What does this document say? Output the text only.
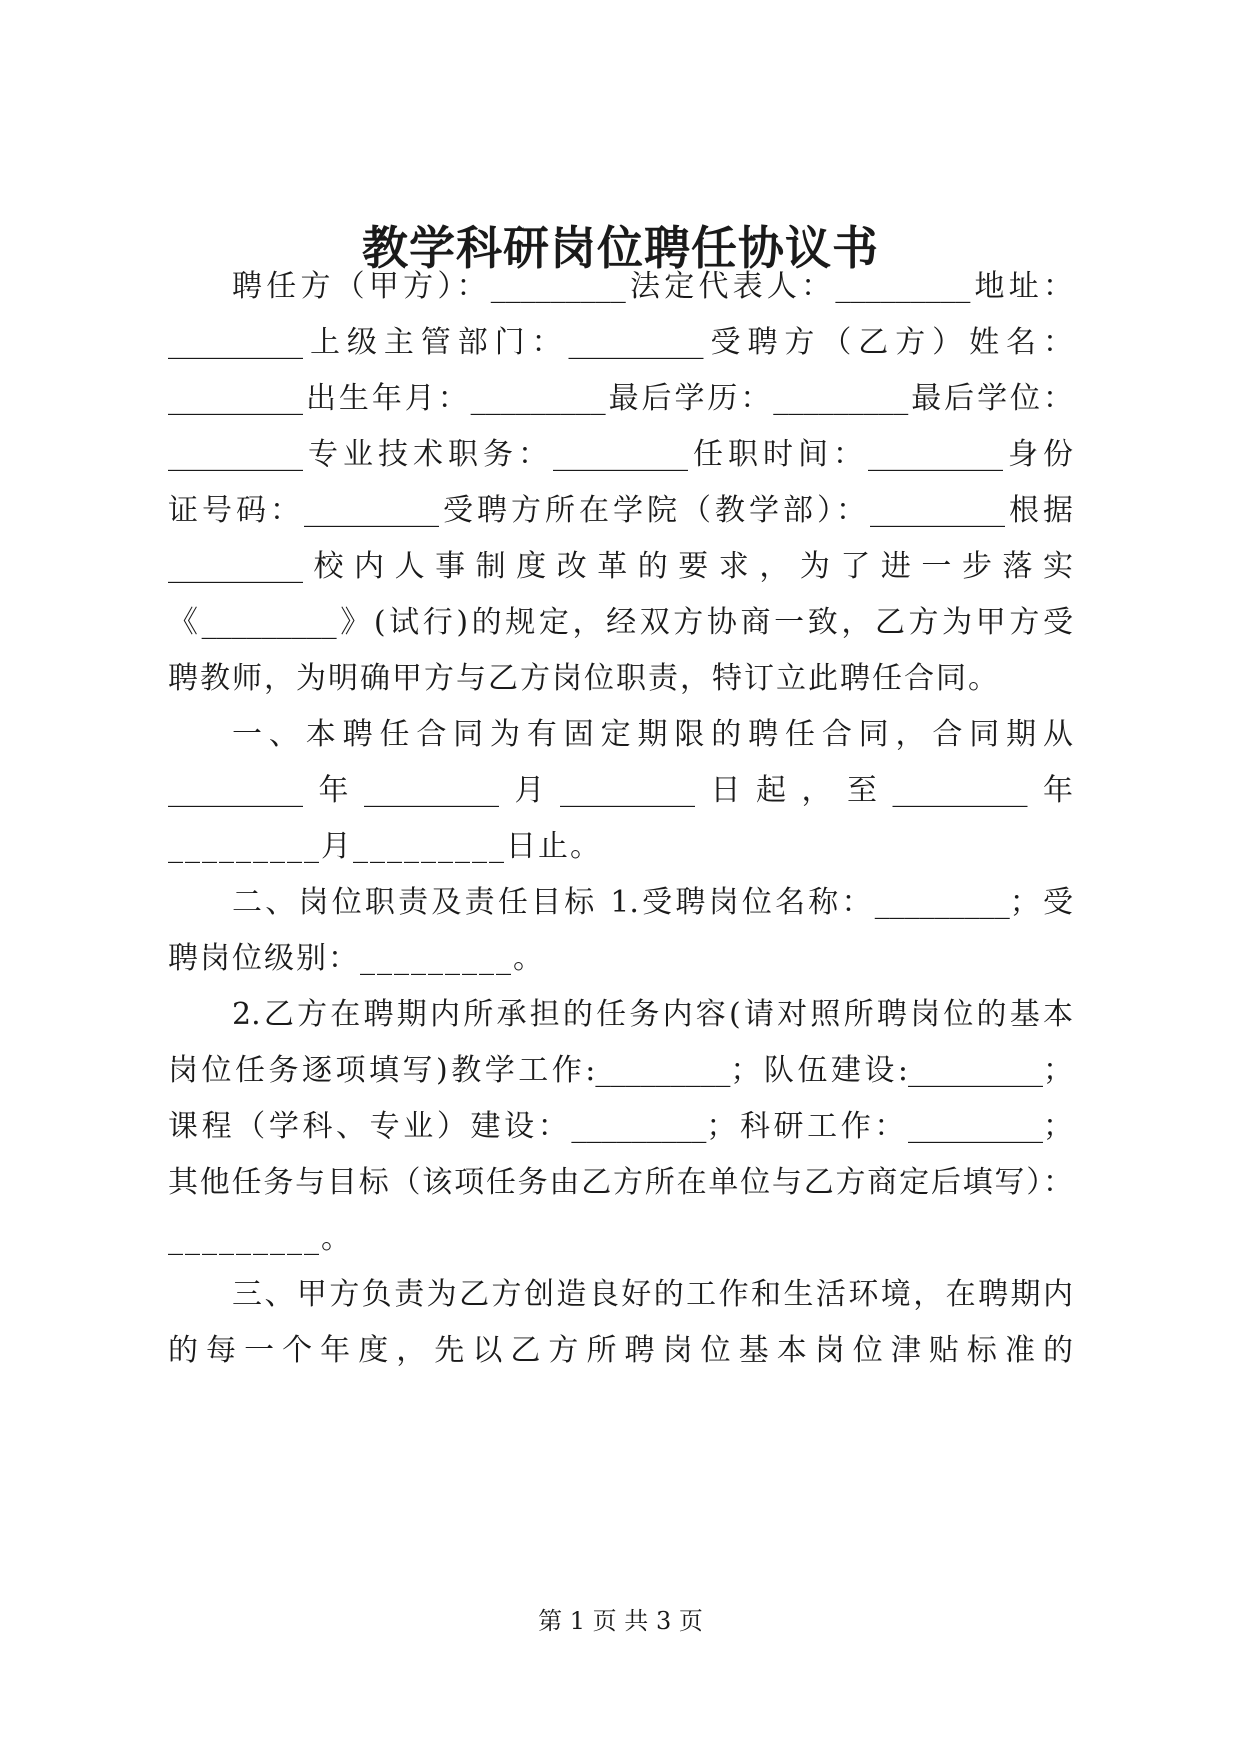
教学科研岗位聘任协议书
聘任方（甲方）：_________法定代表人：_________地址：
_________上级主管部门：_________受聘方（乙方）姓名：
_________出生年月：_________最后学历：_________最后学位：
_________专业技术职务：_________任职时间：_________身份
证号码：_________受聘方所在学院（教学部）：_________根据
_________校内人事制度改革的要求，为了进一步落实
《_________》(试行)的规定，经双方协商一致，乙方为甲方受
聘教师，为明确甲方与乙方岗位职责，特订立此聘任合同。
一、本聘任合同为有固定期限的聘任合同，合同期从
_________年_________月_________日起，至_________年
_________月_________日止。
二、岗位职责及责任目标 1.受聘岗位名称：_________；受
聘岗位级别：_________。
2.乙方在聘期内所承担的任务内容(请对照所聘岗位的基本
岗位任务逐项填写)教学工作:_________；队伍建设:_________；
课程（学科、专业）建设：_________；科研工作：_________；
其他任务与目标（该项任务由乙方所在单位与乙方商定后填写）：
_________。
三、甲方负责为乙方创造良好的工作和生活环境，在聘期内
的每一个年度，先以乙方所聘岗位基本岗位津贴标准的
第 1 页 共 3 页
